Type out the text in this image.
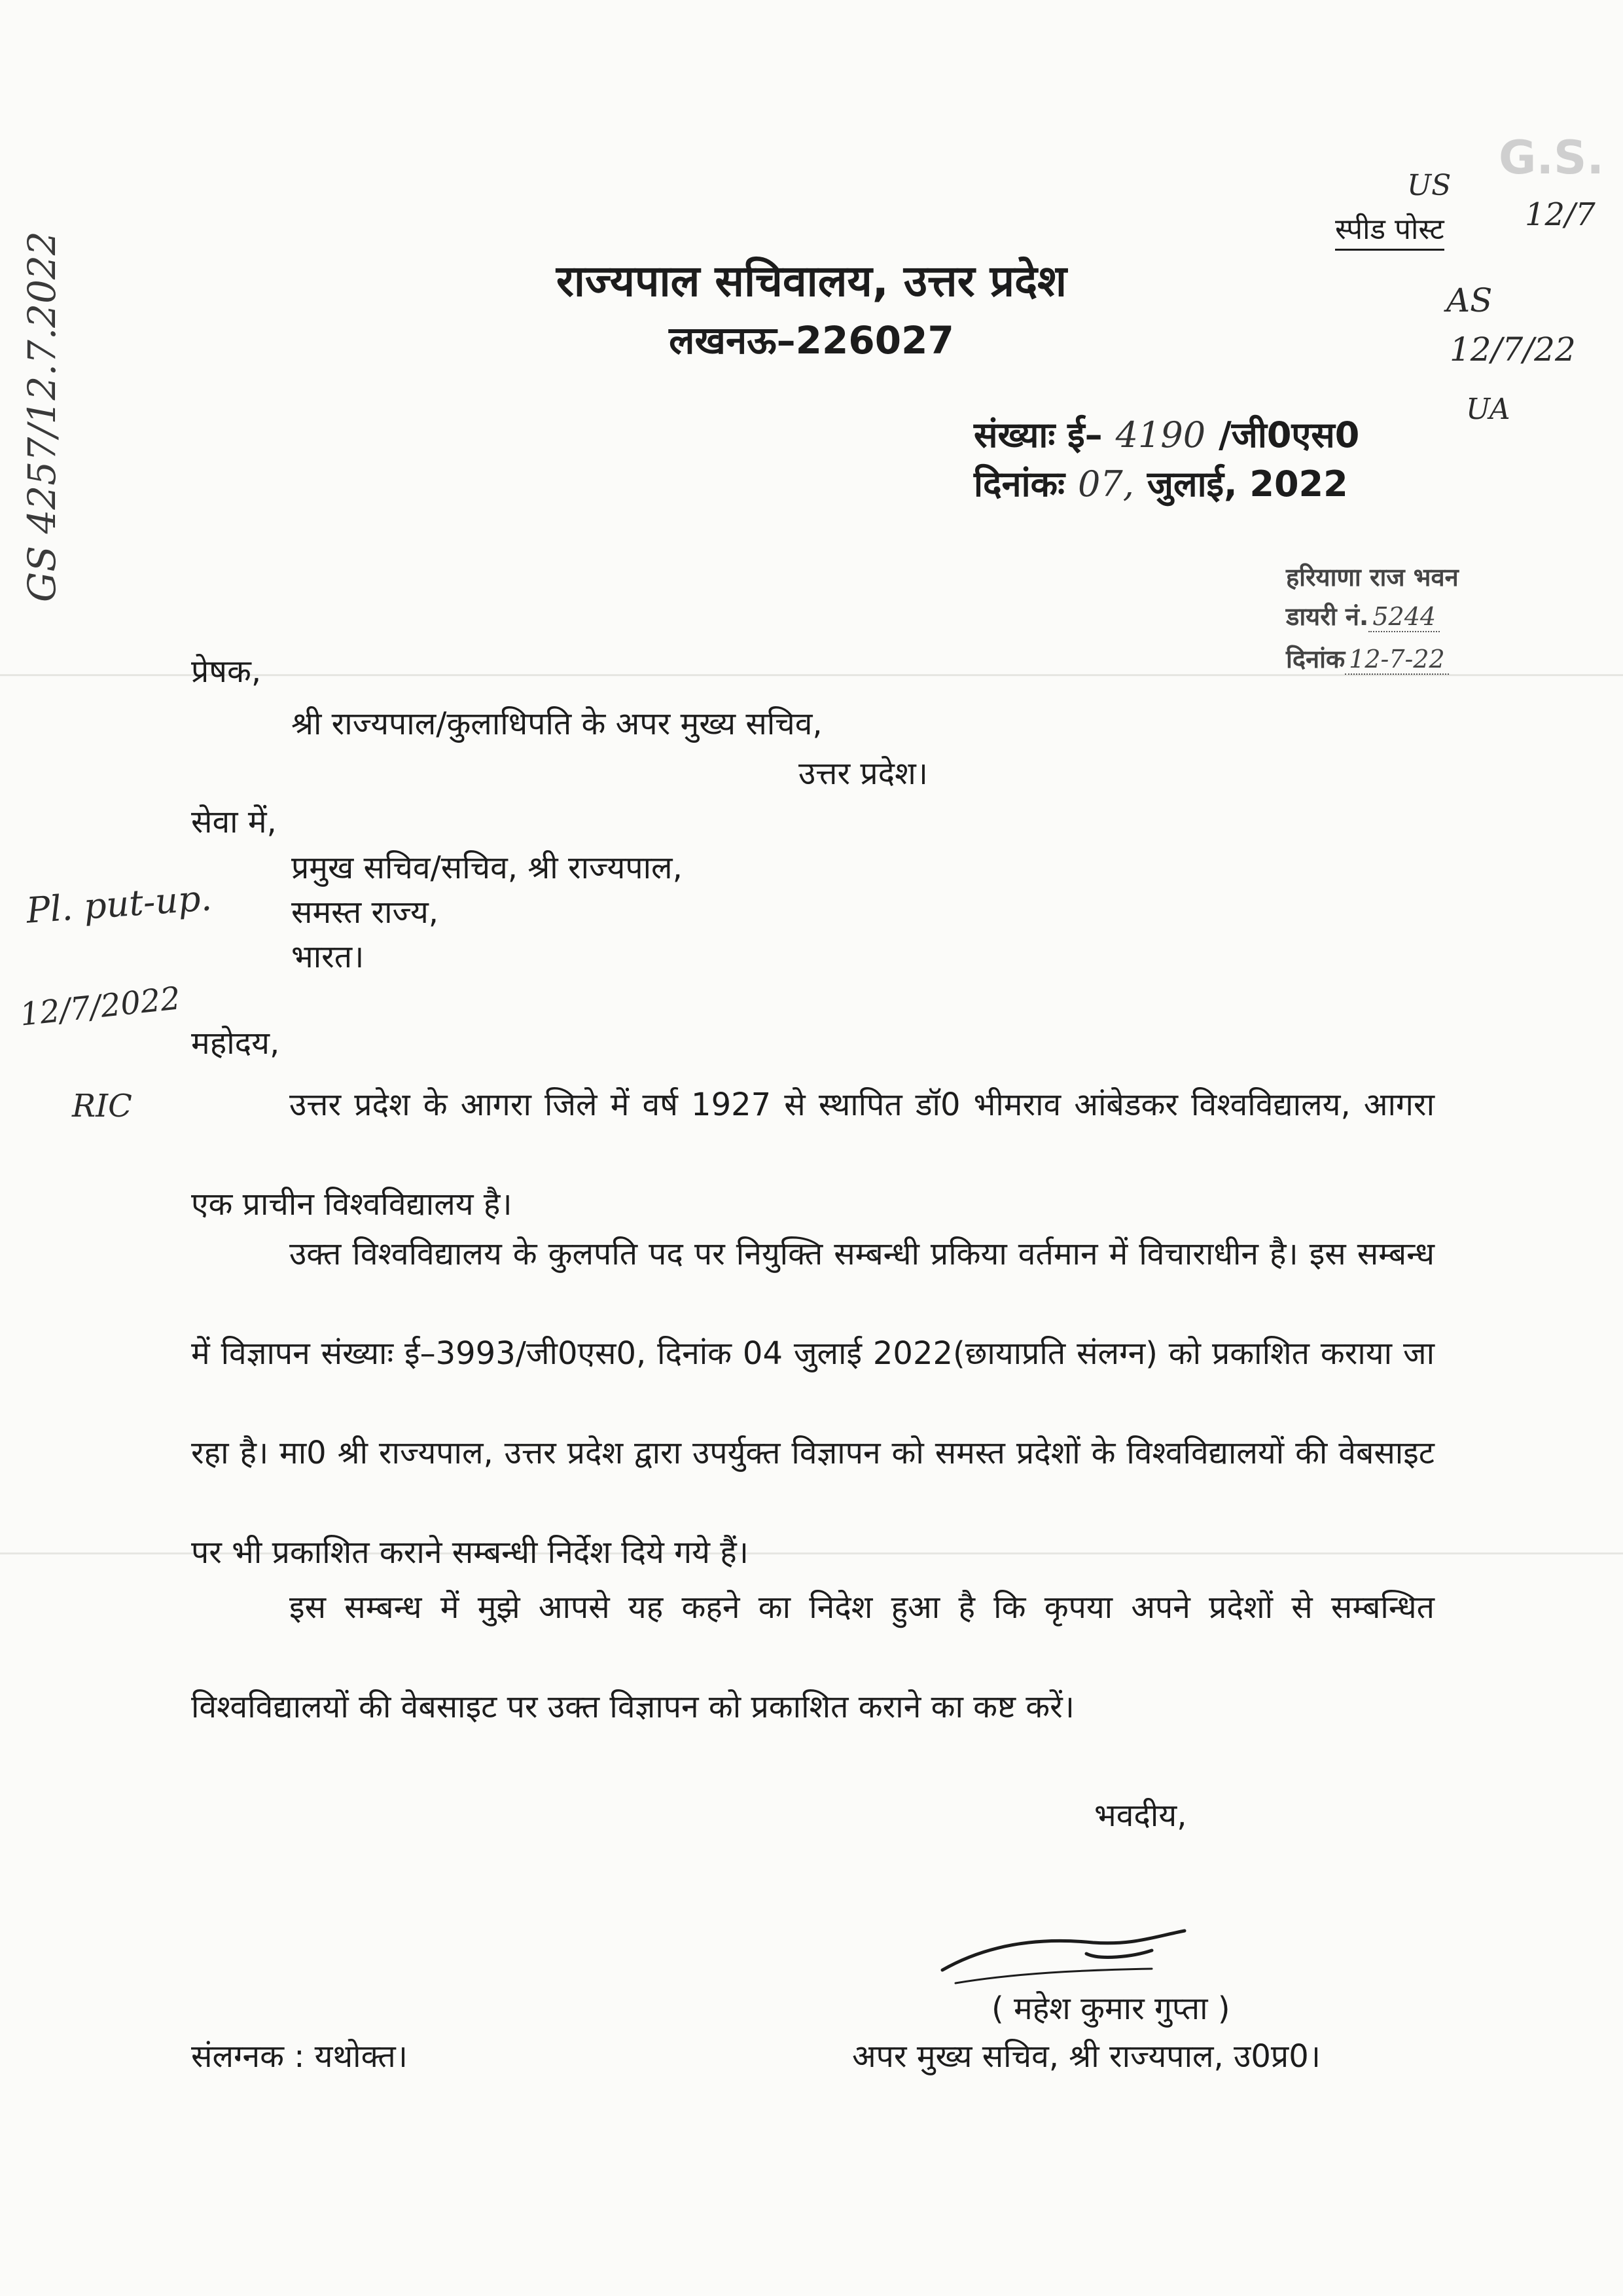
G.S.
US
12/7
AS
12/7/22
UA
स्पीड पोस्ट
राज्यपाल सचिवालय, उत्तर प्रदेश
लखनऊ–226027
संख्याः ई– 4190 /जी0एस0
दिनांकः 07, जुलाई, 2022
हरियाणा राज भवन
डायरी नं. 5244
दिनांक 12-7-22
GS 4257/12.7.2022
प्रेषक,
श्री राज्यपाल/कुलाधिपति के अपर मुख्य सचिव,
उत्तर प्रदेश।
सेवा में,
प्रमुख सचिव/सचिव, श्री राज्यपाल,
समस्त राज्य,
भारत।
Pl. put-up.
12/7/2022
RIC
महोदय,

उत्तर प्रदेश के आगरा जिले में वर्ष 1927 से स्थापित डॉ0 भीमराव आंबेडकर विश्वविद्यालय, आगरा एक प्राचीन विश्वविद्यालय है।

उक्त विश्वविद्यालय के कुलपति पद पर नियुक्ति सम्बन्धी प्रकिया वर्तमान में विचाराधीन है। इस सम्बन्ध में विज्ञापन संख्याः ई–3993/जी0एस0, दिनांक 04 जुलाई 2022(छायाप्रति संलग्न) को प्रकाशित कराया जा रहा है। मा0 श्री राज्यपाल, उत्तर प्रदेश द्वारा उपर्युक्त विज्ञापन को समस्त प्रदेशों के विश्वविद्यालयों की वेबसाइट पर भी प्रकाशित कराने सम्बन्धी निर्देश दिये गये हैं।

इस सम्बन्ध में मुझे आपसे यह कहने का निदेश हुआ है कि कृपया अपने प्रदेशों से सम्बन्धित विश्वविद्यालयों की वेबसाइट पर उक्त विज्ञापन को प्रकाशित कराने का कष्ट करें।

भवदीय,
( महेश कुमार गुप्ता )
अपर मुख्य सचिव, श्री राज्यपाल, उ0प्र0।
संलग्नक : यथोक्त।
